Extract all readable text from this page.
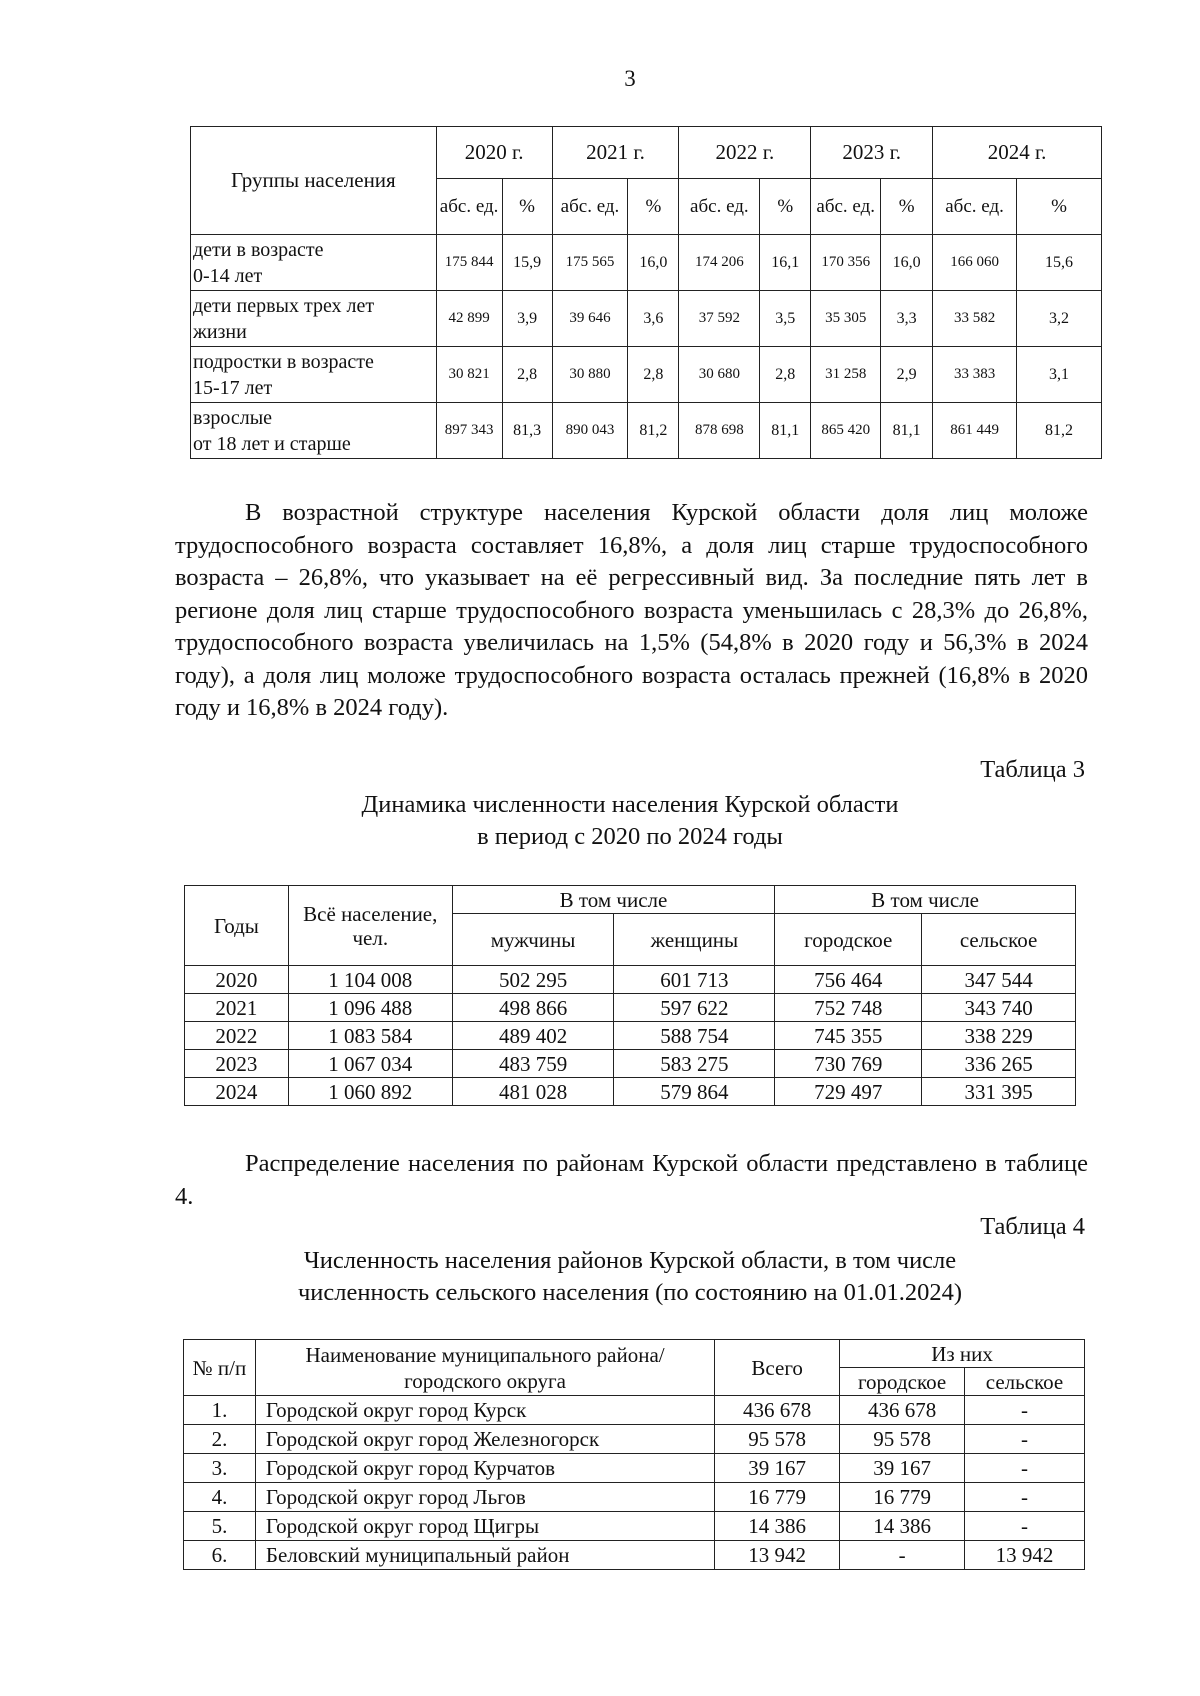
3
Группы населения	2020 г.		2021 г.		2022 г.		2023 г.		2024 г.	
	абс. ед.	%	абс. ед.	%	абс. ед.	%	абс. ед.	%	абс. ед.	%

дети в возрасте
0-14 лет	175 844	15,9	175 565	16,0	174 206	16,1	170 356	16,0	166 060	15,6

дети первых трех лет
жизни	42 899	3,9	39 646	3,6	37 592	3,5	35 305	3,3	33 582	3,2

подростки в возрасте
15-17 лет	30 821	2,8	30 880	2,8	30 680	2,8	31 258	2,9	33 383	3,1

взрослые
от 18 лет и старше	897 343	81,3	890 043	81,2	878 698	81,1	865 420	81,1	861 449	81,2

В возрастной структуре населения Курской области доля лиц моложе трудоспособного возраста составляет 16,8%, а доля лиц старше трудоспособного возраста – 26,8%, что указывает на её регрессивный вид. За последние пять лет в регионе доля лиц старше трудоспособного возраста уменьшилась с 28,3% до 26,8%, трудоспособного возраста увеличилась на 1,5% (54,8% в 2020 году и 56,3% в 2024 году), а доля лиц моложе трудоспособного возраста осталась прежней (16,8% в 2020 году и 16,8% в 2024 году).

Таблица 3
Динамика численности населения Курской области
в период с 2020 по 2024 годы
Годы	Всё население, чел.	В том числе		В том числе	
		мужчины	женщины	городское	сельское
2020	1 104 008	502 295	601 713	756 464	347 544
2021	1 096 488	498 866	597 622	752 748	343 740
2022	1 083 584	489 402	588 754	745 355	338 229
2023	1 067 034	483 759	583 275	730 769	336 265
2024	1 060 892	481 028	579 864	729 497	331 395

Распределение населения по районам Курской области представлено в таблице 4.

Таблица 4
Численность населения районов Курской области, в том числе
численность сельского населения (по состоянию на 01.01.2024)
№ п/п	Наименование муниципального района/ городского округа	Всего	Из них	
			городское	сельское
1.	Городской округ город Курск	436 678	436 678	-
2.	Городской округ город Железногорск	95 578	95 578	-
3.	Городской округ город Курчатов	39 167	39 167	-
4.	Городской округ город Льгов	16 779	16 779	-
5.	Городской округ город Щигры	14 386	14 386	-
6.	Беловский муниципальный район	13 942	-	13 942
